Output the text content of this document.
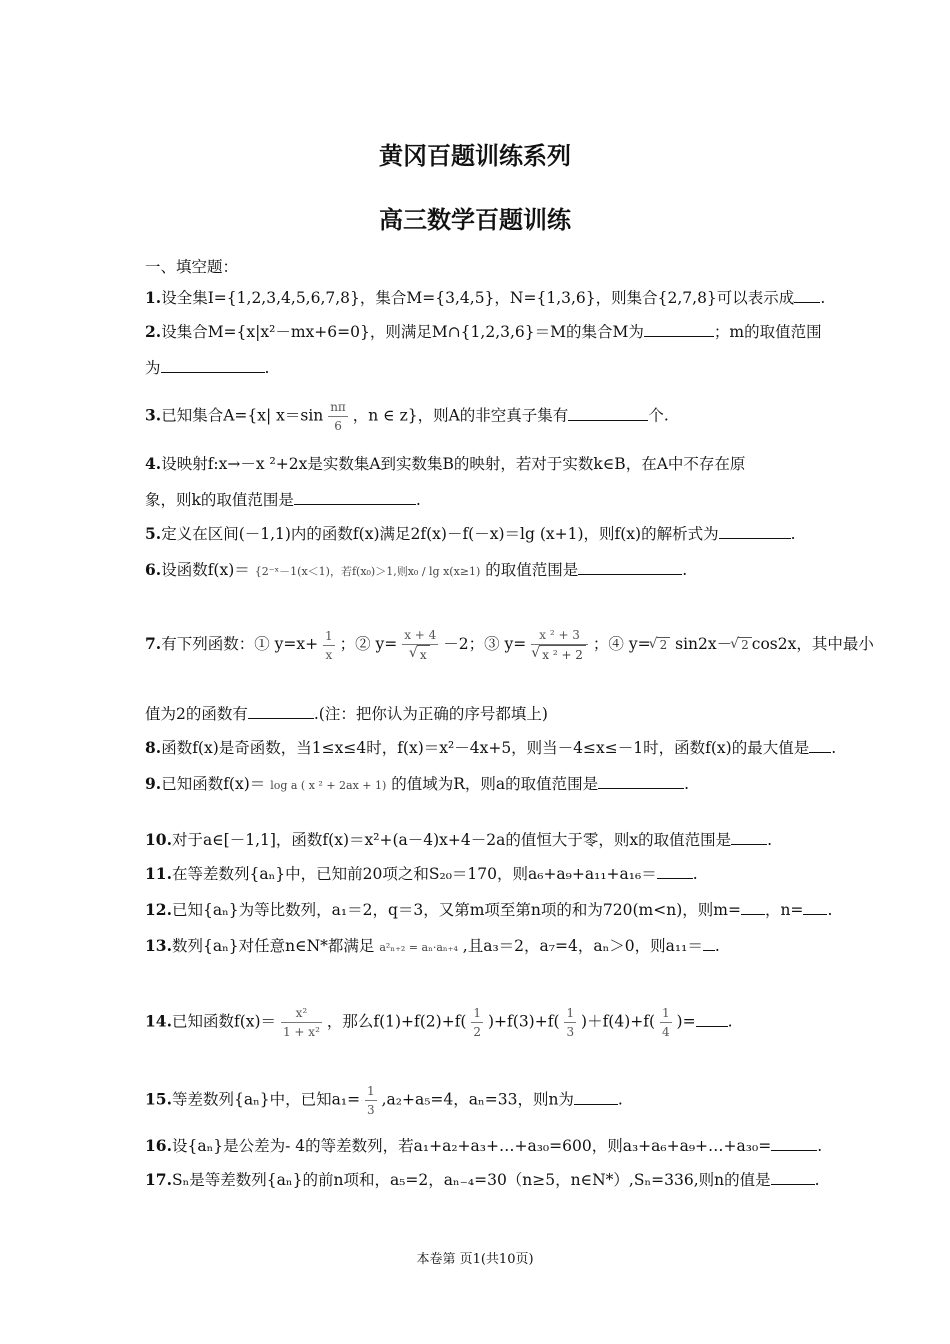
黄冈百题训练系列
高三数学百题训练
一、填空题：
1.设全集I={1,2,3,4,5,6,7,8}，集合M={3,4,5}，N={1,3,6}，则集合{2,7,8}可以表示成 .
2.设集合M={x|x²－mx+6=0}，则满足M∩{1,2,3,6}＝M的集合M为	；m的取值范围
为	.
3.已知集合A={x| $x=\sin \frac{n\pi}{6}$ ，n ∈ z}，则A的非空真子集有	个.
4.设映射f:x→－x ²+2x是实数集A到实数集B的映射，若对于实数k∈B，在A中不存在原
象，则k的取值范围是	.
5.定义在区间(－1,1)内的函数f(x)满足2f(x)－f(－x)＝lg (x+1)，则f(x)的解析式为	.
6.设函数f(x)＝ {2⁻ˣ－1(x＜1)，若f(x₀)＞1,则x₀ / lg x(x≥1) 的取值范围是	.
7.有下列函数：① $y=x+ \frac{1}{x}$ ；② y= x + 4
√ x －2；③ y= x ² + 3
√ x ² + 2 ；④ y= √ 2 sin2x－ √ 2 cos2x，其中最小
值为2的函数有	.(注：把你认为正确的序号都填上)
8.函数f(x)是奇函数，当1≤x≤4时，f(x)＝x²－4x+5，则当－4≤x≤－1时，函数f(x)的最大值是 .
9.已知函数f(x)＝ log a ( x ² + 2ax + 1) 的值域为R，则a的取值范围是	.
10.对于a∈[－1,1]，函数f(x)＝x²+(a－4)x+4－2a的值恒大于零，则x的取值范围是 .
11.在等差数列{aₙ}中，已知前20项之和S₂₀＝170，则a₆+a₉+a₁₁+a₁₆＝ .
12.已知{aₙ}为等比数列，a₁＝2，q＝3，又第m项至第n项的和为720(m<n)，则m= ，n= .
13.数列{aₙ}对任意n∈N*都满足 a²ₙ₊₂ = aₙ·aₙ₊₄ ,且a₃＝2，a₇=4，aₙ＞0，则a₁₁＝ .
14.已知函数$f(x)= \frac{\text{x²}}{\text{1 + x²}}$ ，那么$f(1)+f(2)+f( \frac{1}{2} )+f(3)+f( \frac{1}{3} )+f(4)+f( \frac{1}{4}$ )= .
15.等差数列{aₙ}中，已知$a_1= \frac{1}{3} ,a_2+a_5=4$，aₙ=33，则n为	.
16.设{aₙ}是公差为- 4的等差数列，若a₁+a₂+a₃+…+a₃₀=600，则a₃+a₆+a₉+…+a₃₀=	.
17.Sₙ是等差数列{aₙ}的前n项和，a₅=2，aₙ₋₄=30（n≥5，n∈N*）,Sₙ=336,则n的值是	.
本卷第 页1(共10页)
